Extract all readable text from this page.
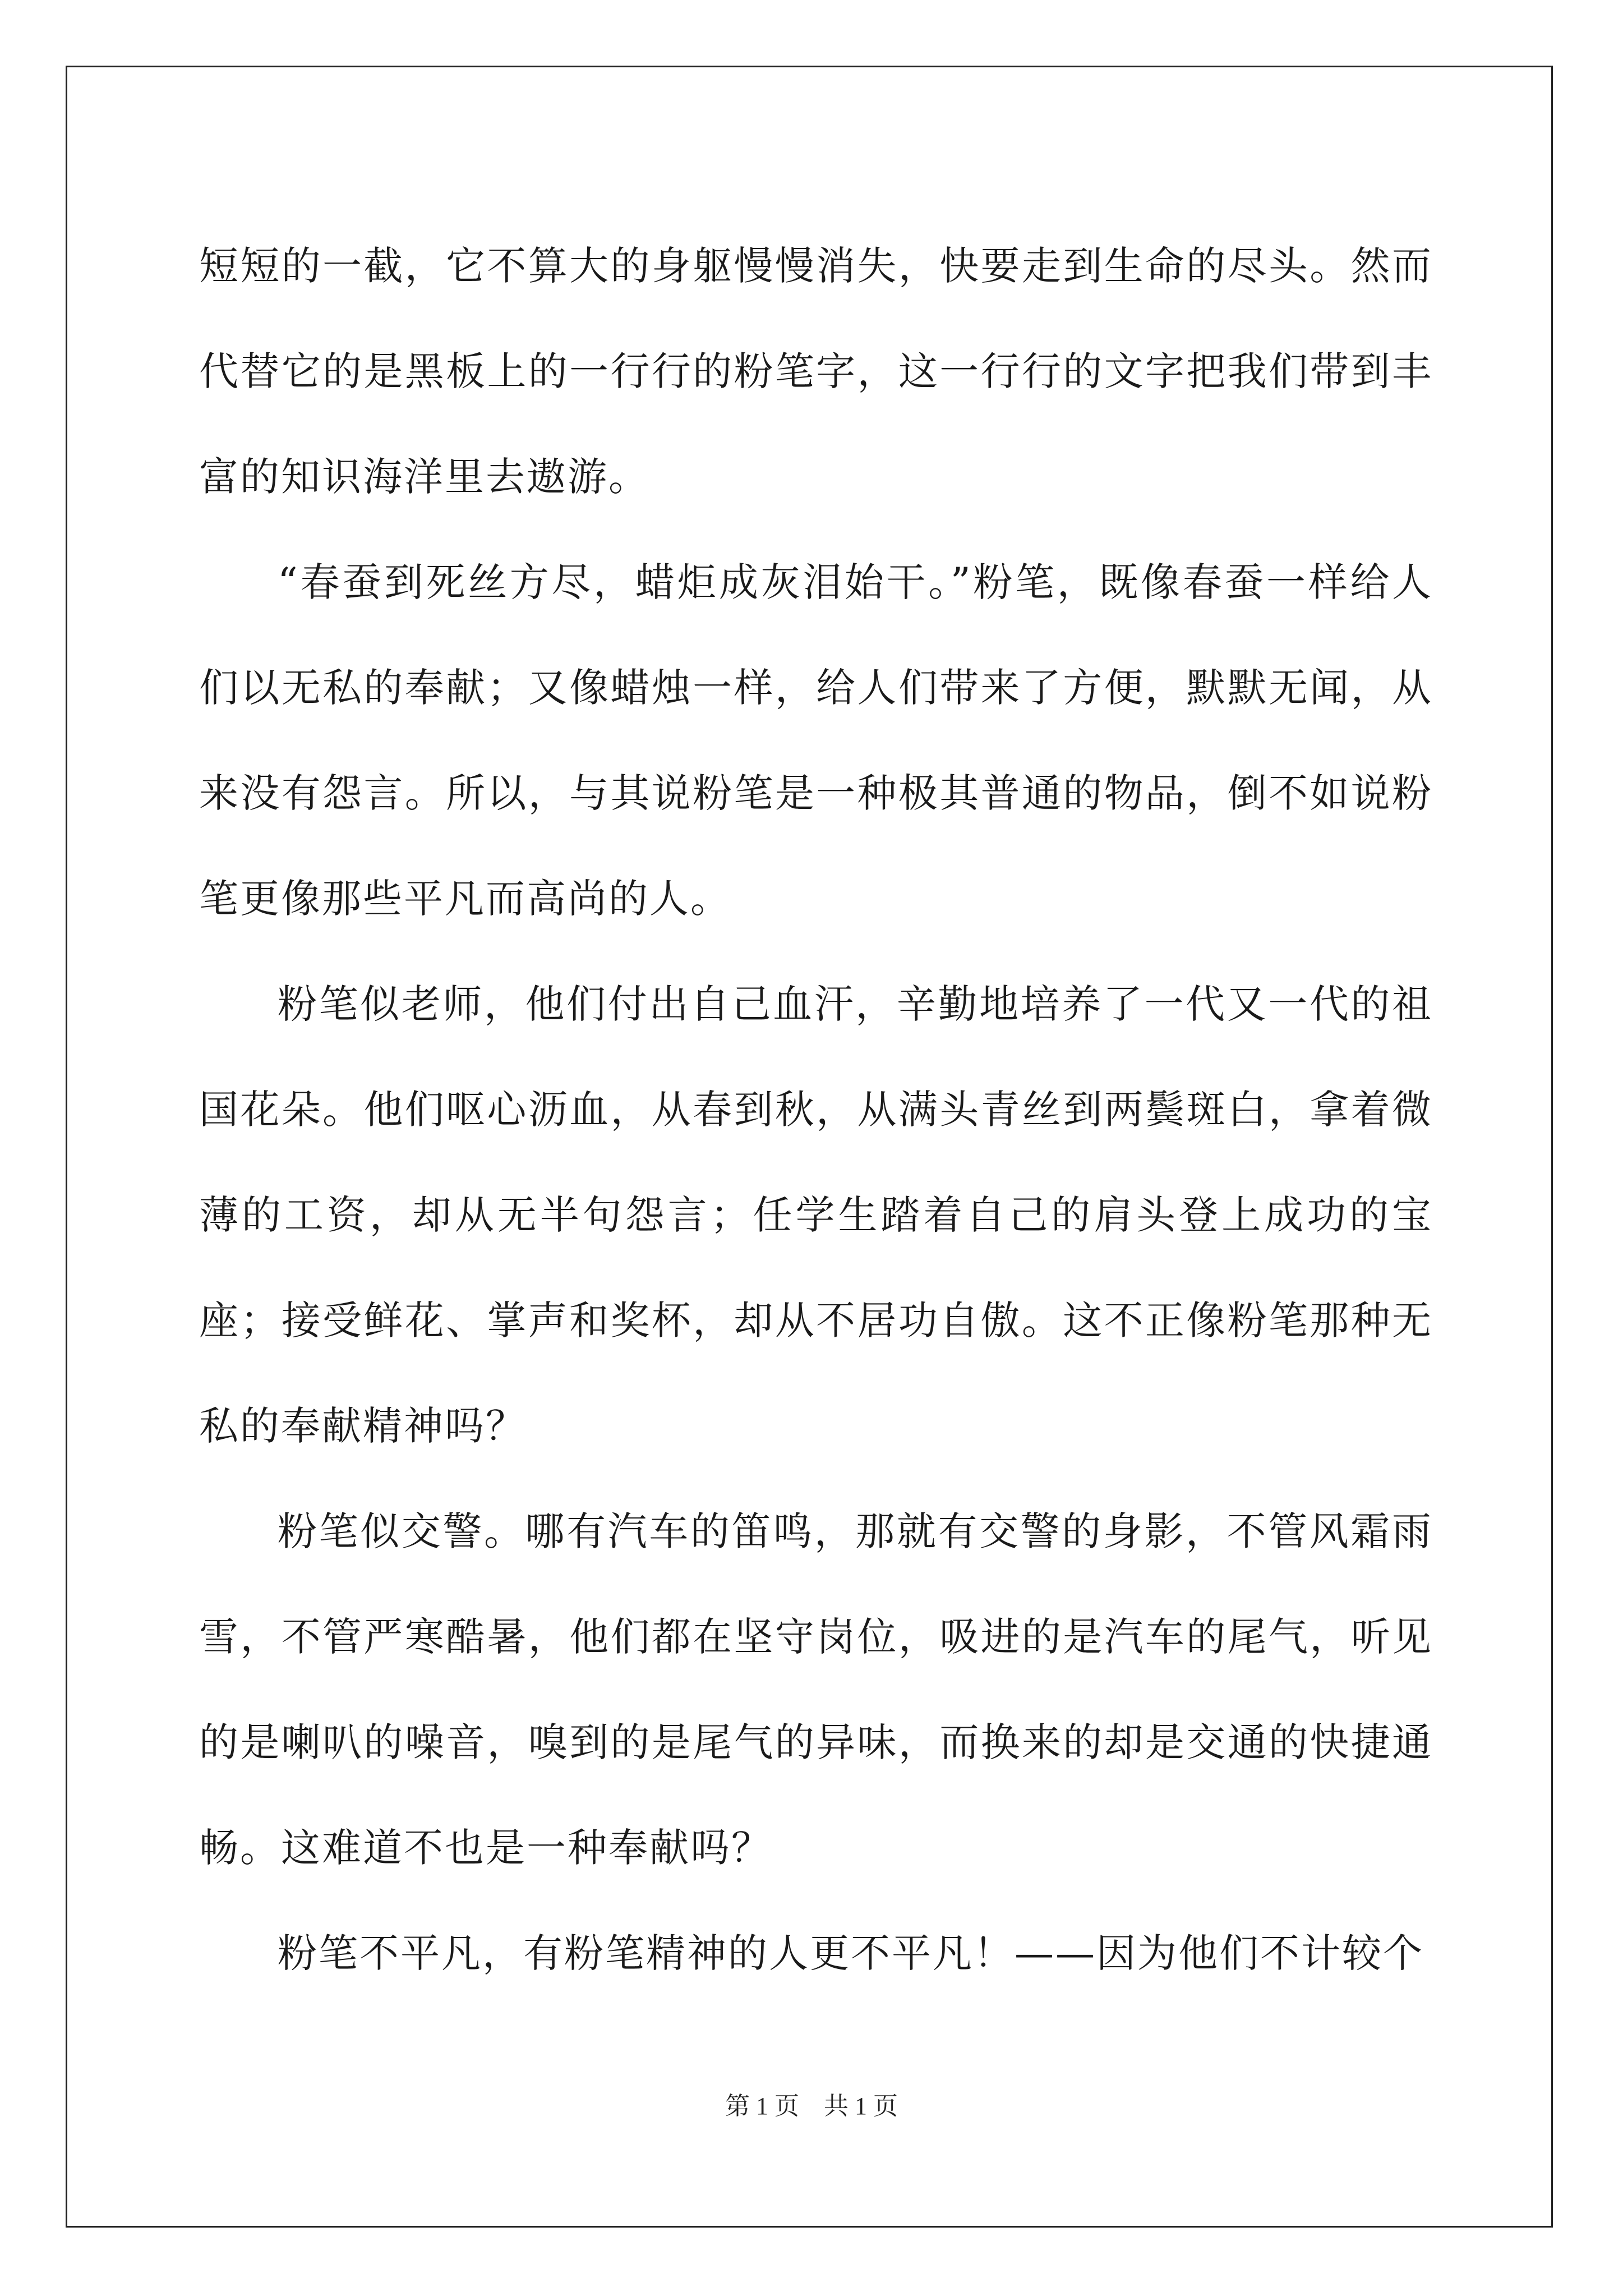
短短的一截，它不算大的身躯慢慢消失，快要走到生命的尽头。然而代替它的是黑板上的一行行的粉笔字，这一行行的文字把我们带到丰富的知识海洋里去遨游。

“春蚕到死丝方尽，蜡炬成灰泪始干。”粉笔，既像春蚕一样给人们以无私的奉献；又像蜡烛一样，给人们带来了方便，默默无闻，从来没有怨言。所以，与其说粉笔是一种极其普通的物品，倒不如说粉笔更像那些平凡而高尚的人。

粉笔似老师，他们付出自己血汗，辛勤地培养了一代又一代的祖国花朵。他们呕心沥血，从春到秋，从满头青丝到两鬓斑白，拿着微薄的工资，却从无半句怨言；任学生踏着自己的肩头登上成功的宝座；接受鲜花、掌声和奖杯，却从不居功自傲。这不正像粉笔那种无私的奉献精神吗？

粉笔似交警。哪有汽车的笛鸣，那就有交警的身影，不管风霜雨雪，不管严寒酷暑，他们都在坚守岗位，吸进的是汽车的尾气，听见的是喇叭的噪音，嗅到的是尾气的异味，而换来的却是交通的快捷通畅。这难道不也是一种奉献吗？

粉笔不平凡，有粉笔精神的人更不平凡！——因为他们不计较个

第 1 页    共 1 页
